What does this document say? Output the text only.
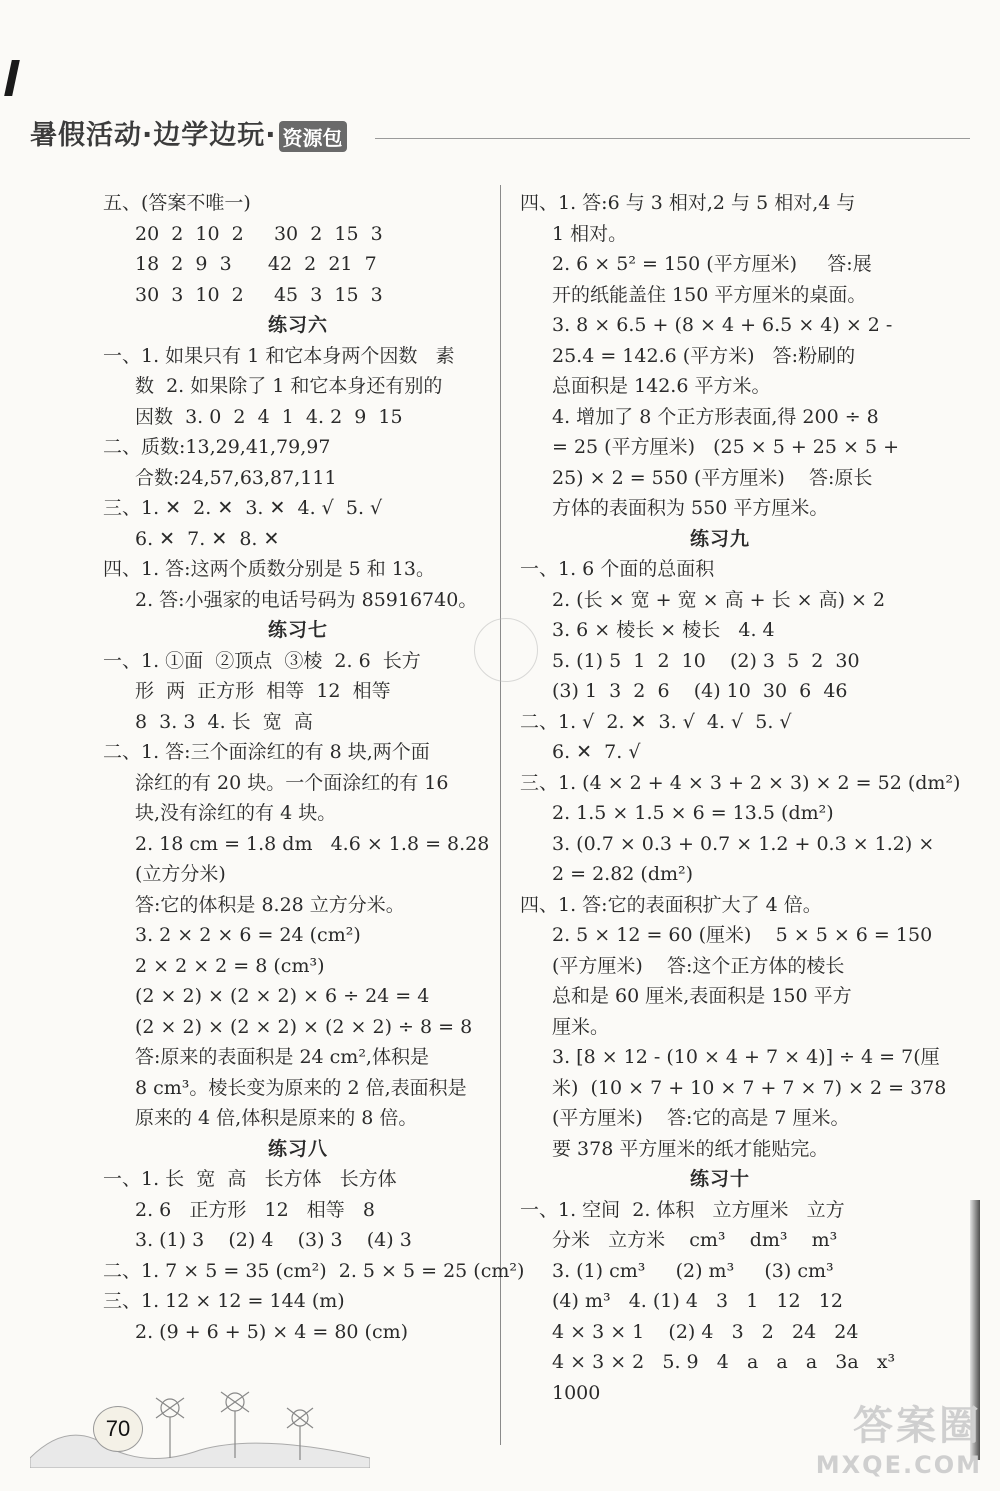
暑假活动·边学边玩· 资源包
五、(答案不唯一)
20  2  10  2     30  2  15  3
18  2  9  3      42  2  21  7
30  3  10  2     45  3  15  3
练习六
一、1. 如果只有 1 和它本身两个因数   素
数  2. 如果除了 1 和它本身还有别的
因数  3. 0  2  4  1  4. 2  9  15
二、质数:13,29,41,79,97
合数:24,57,63,87,111
三、1. ✕  2. ✕  3. ✕  4. √  5. √
6. ✕  7. ✕  8. ✕
四、1. 答:这两个质数分别是 5 和 13。
2. 答:小强家的电话号码为 85916740。
练习七
一、1. ①面  ②顶点  ③棱  2. 6  长方
形  两  正方形  相等  12  相等
8  3. 3  4. 长  宽  高
二、1. 答:三个面涂红的有 8 块,两个面
涂红的有 20 块。一个面涂红的有 16
块,没有涂红的有 4 块。
2. 18 cm = 1.8 dm   4.6 × 1.8 = 8.28
(立方分米)
答:它的体积是 8.28 立方分米。
3. 2 × 2 × 6 = 24 (cm²)
2 × 2 × 2 = 8 (cm³)
(2 × 2) × (2 × 2) × 6 ÷ 24 = 4
(2 × 2) × (2 × 2) × (2 × 2) ÷ 8 = 8
答:原来的表面积是 24 cm²,体积是
8 cm³。棱长变为原来的 2 倍,表面积是
原来的 4 倍,体积是原来的 8 倍。
练习八
一、1. 长  宽  高   长方体   长方体
2. 6   正方形   12   相等   8
3. (1) 3    (2) 4    (3) 3    (4) 3
二、1. 7 × 5 = 35 (cm²)  2. 5 × 5 = 25 (cm²)
三、1. 12 × 12 = 144 (m)
2. (9 + 6 + 5) × 4 = 80 (cm)
四、1. 答:6 与 3 相对,2 与 5 相对,4 与
1 相对。
2. 6 × 5² = 150 (平方厘米)     答:展
开的纸能盖住 150 平方厘米的桌面。
3. 8 × 6.5 + (8 × 4 + 6.5 × 4) × 2 -
25.4 = 142.6 (平方米)   答:粉刷的
总面积是 142.6 平方米。
4. 增加了 8 个正方形表面,得 200 ÷ 8
= 25 (平方厘米)   (25 × 5 + 25 × 5 +
25) × 2 = 550 (平方厘米)    答:原长
方体的表面积为 550 平方厘米。
练习九
一、1. 6 个面的总面积
2. (长 × 宽 + 宽 × 高 + 长 × 高) × 2
3. 6 × 棱长 × 棱长   4. 4
5. (1) 5  1  2  10    (2) 3  5  2  30
(3) 1  3  2  6    (4) 10  30  6  46
二、1. √  2. ✕  3. √  4. √  5. √
6. ✕  7. √
三、1. (4 × 2 + 4 × 3 + 2 × 3) × 2 = 52 (dm²)
2. 1.5 × 1.5 × 6 = 13.5 (dm²)
3. (0.7 × 0.3 + 0.7 × 1.2 + 0.3 × 1.2) ×
2 = 2.82 (dm²)
四、1. 答:它的表面积扩大了 4 倍。
2. 5 × 12 = 60 (厘米)    5 × 5 × 6 = 150
(平方厘米)    答:这个正方体的棱长
总和是 60 厘米,表面积是 150 平方
厘米。
3. [8 × 12 - (10 × 4 + 7 × 4)] ÷ 4 = 7(厘
米)  (10 × 7 + 10 × 7 + 7 × 7) × 2 = 378
(平方厘米)    答:它的高是 7 厘米。
要 378 平方厘米的纸才能贴完。
练习十
一、1. 空间  2. 体积   立方厘米   立方
分米   立方米    cm³    dm³    m³
3. (1) cm³     (2) m³     (3) cm³
(4) m³   4. (1) 4   3   1   12   12
4 × 3 × 1    (2) 4   3   2   24   24
4 × 3 × 2   5. 9   4   a   a   a   3a   x³
1000
70	答案圈
MXQE.COM
